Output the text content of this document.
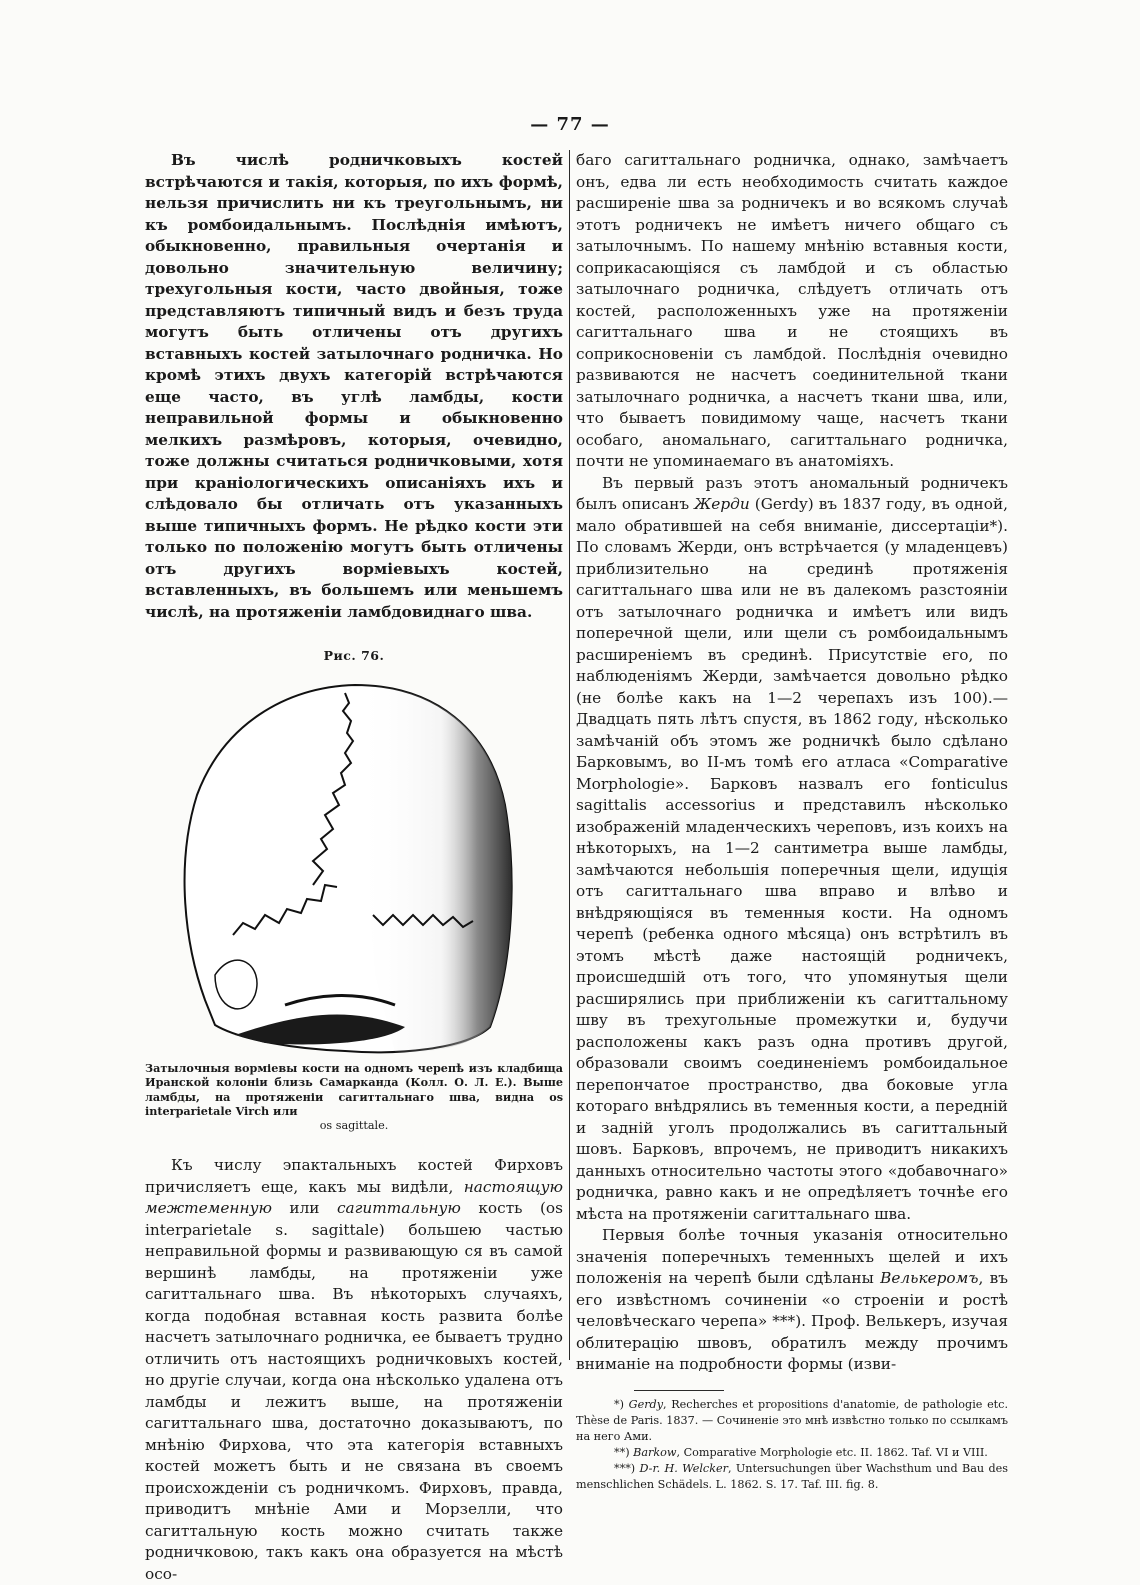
— 77 —

Въ числѣ родничковыхъ костей встрѣчаются и такія, которыя, по ихъ формѣ, нельзя причислить ни къ треугольнымъ, ни къ ромбоидальнымъ. Послѣднія имѣютъ, обыкновенно, правильныя очертанія и довольно значительную величину; трехугольныя кости, часто двойныя, тоже представляютъ типичный видъ и безъ труда могутъ быть отличены отъ другихъ вставныхъ костей затылочнаго родничка. Но кромѣ этихъ двухъ категорій встрѣчаются еще часто, въ углѣ ламбды, кости неправильной формы и обыкновенно мелкихъ размѣровъ, которыя, очевидно, тоже должны считаться родничковыми, хотя при краніологическихъ описаніяхъ ихъ и слѣдовало бы отличать отъ указанныхъ выше типичныхъ формъ. Не рѣдко кости эти только по положенію могутъ быть отличены отъ другихъ ворміевыхъ костей, вставленныхъ, въ большемъ или меньшемъ числѣ, на протяженіи ламбдовиднаго шва.

Рис. 76.
Затылочныя ворміевы кости на одномъ черепѣ изъ кладбища Иранской колоніи близь Самарканда (Колл. О. Л. Е.). Выше ламбды, на протяженіи сагиттальнаго шва, видна os interparietale Virch или
os sagittale.

Къ числу эпактальныхъ костей Фирховъ причисляетъ еще, какъ мы видѣли, настоящую межтеменную или сагиттальную кость (os interparietale s. sagittale) большею частью неправильной формы и развивающую ся въ самой вершинѣ ламбды, на протяженіи уже сагиттальнаго шва. Въ нѣкоторыхъ случаяхъ, когда подобная вставная кость развита болѣе насчетъ затылочнаго родничка, ее бываетъ трудно отличить отъ настоящихъ родничковыхъ костей, но другіе случаи, когда она нѣсколько удалена отъ ламбды и лежитъ выше, на протяженіи сагиттальнаго шва, достаточно доказываютъ, по мнѣнію Фирхова, что эта категорія вставныхъ костей можетъ быть и не связана въ своемъ происхожденіи съ родничкомъ. Фирховъ, правда, приводитъ мнѣніе Ами и Морзелли, что сагиттальную кость можно считать также родничковою, такъ какъ она образуется на мѣстѣ осо-

баго сагиттальнаго родничка, однако, замѣчаетъ онъ, едва ли есть необходимость считать каждое расширеніе шва за родничекъ и во всякомъ случаѣ этотъ родничекъ не имѣетъ ничего общаго съ затылочнымъ. По нашему мнѣнію вставныя кости, соприкасающіяся съ ламбдой и съ областью затылочнаго родничка, слѣдуетъ отличать отъ костей, расположенныхъ уже на протяженіи сагиттальнаго шва и не стоящихъ въ соприкосновеніи съ ламбдой. Послѣднія очевидно развиваются не насчетъ соединительной ткани затылочнаго родничка, а насчетъ ткани шва, или, что бываетъ повидимому чаще, насчетъ ткани особаго, аномальнаго, сагиттальнаго родничка, почти не упоминаемаго въ анатоміяхъ.

Въ первый разъ этотъ аномальный родничекъ былъ описанъ Жерди (Gerdy) въ 1837 году, въ одной, мало обратившей на себя вниманіе, диссертаціи*). По словамъ Жерди, онъ встрѣчается (у младенцевъ) приблизительно на срединѣ протяженія сагиттальнаго шва или не въ далекомъ разстояніи отъ затылочнаго родничка и имѣетъ или видъ поперечной щели, или щели съ ромбоидальнымъ расширеніемъ въ срединѣ. Присутствіе его, по наблюденіямъ Жерди, замѣчается довольно рѣдко (не болѣе какъ на 1—2 черепахъ изъ 100).—Двадцать пять лѣтъ спустя, въ 1862 году, нѣсколько замѣчаній объ этомъ же родничкѣ было сдѣлано Барковымъ, во II-мъ томѣ его атласа «Comparative Morphologie». Барковъ назвалъ его fonticulus sagittalis accessorius и представилъ нѣсколько изображеній младенческихъ череповъ, изъ коихъ на нѣкоторыхъ, на 1—2 сантиметра выше ламбды, замѣчаются небольшія поперечныя щели, идущія отъ сагиттальнаго шва вправо и влѣво и внѣдряющіяся въ теменныя кости. На одномъ черепѣ (ребенка одного мѣсяца) онъ встрѣтилъ въ этомъ мѣстѣ даже настоящій родничекъ, происшедшій отъ того, что упомянутыя щели расширялись при приближеніи къ сагиттальному шву въ трехугольные промежутки и, будучи расположены какъ разъ одна противъ другой, образовали своимъ соединеніемъ ромбоидальное перепончатое пространство, два боковые угла котораго внѣдрялись въ теменныя кости, а передній и задній уголъ продолжались въ сагиттальный шовъ. Барковъ, впрочемъ, не приводитъ никакихъ данныхъ относительно частоты этого «добавочнаго» родничка, равно какъ и не опредѣляетъ точнѣе его мѣста на протяженіи сагиттальнаго шва.

Первыя болѣе точныя указанія относительно значенія поперечныхъ теменныхъ щелей и ихъ положенія на черепѣ были сдѣланы Велькеромъ, въ его извѣстномъ сочиненіи «о строеніи и ростѣ человѣческаго черепа» ***). Проф. Велькеръ, изучая облитерацію швовъ, обратилъ между прочимъ вниманіе на подробности формы (изви-

*) Gerdy, Recherches et propositions d'anatomie, de pathologie etc. Thèse de Paris. 1837. — Сочиненіе это мнѣ извѣстно только по ссылкамъ на него Ами.

**) Barkow, Comparative Morphologie etc. II. 1862. Taf. VI и VIII.

***) D-r. H. Welcker, Untersuchungen über Wachsthum und Bau des menschlichen Schädels. L. 1862. S. 17. Taf. III. fig. 8.
